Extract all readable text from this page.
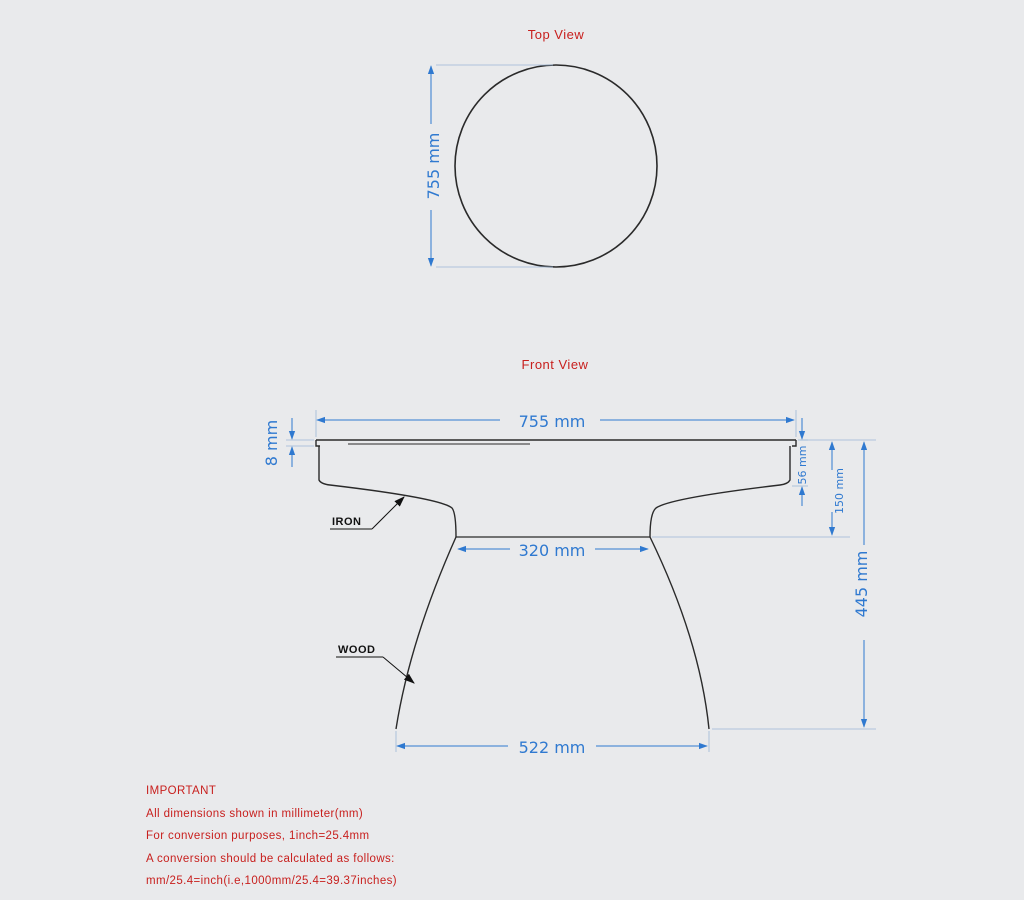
Top View
755 mm
Front View
755 mm
8 mm	56 mm
150 mm
445 mm
320 mm
522 mm
IRON
WOOD
IMPORTANT
All dimensions shown in millimeter(mm)
For conversion purposes, 1inch=25.4mm
A conversion should be calculated as follows:
mm/25.4=inch(i.e,1000mm/25.4=39.37inches)
